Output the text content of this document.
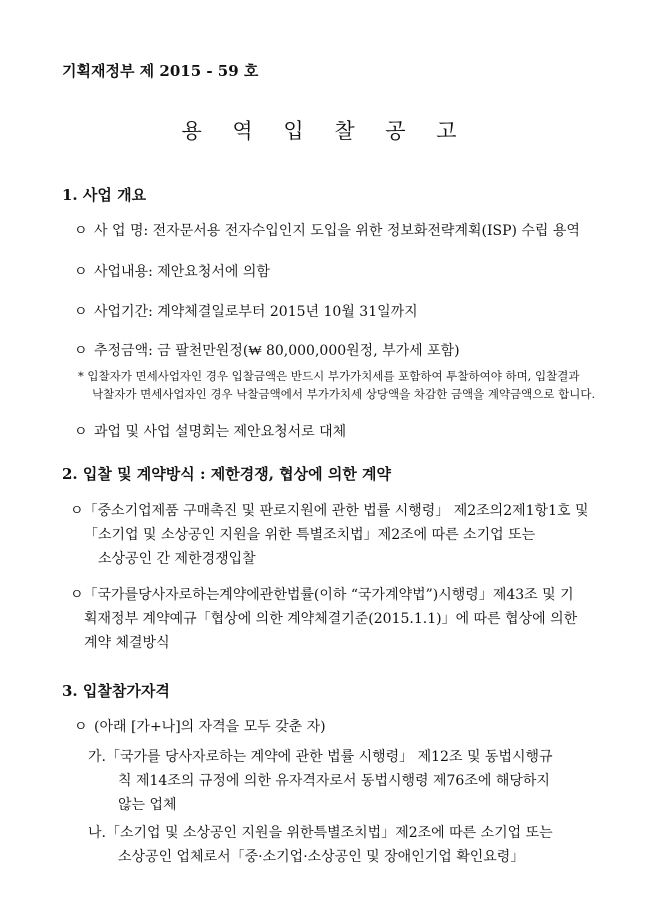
기획재정부 제 2015 - 59 호
용 역 입 찰 공 고
1. 사업 개요
ㅇ 사 업 명: 전자문서용 전자수입인지 도입을 위한 정보화전략계획(ISP) 수립 용역
ㅇ 사업내용: 제안요청서에 의함
ㅇ 사업기간: 계약체결일로부터 2015년 10월 31일까지
ㅇ 추정금액: 금 팔천만원정(₩ 80,000,000원정, 부가세 포함)
* 입찰자가 면세사업자인 경우 입찰금액은 반드시 부가가치세를 포함하여 투찰하여야 하며, 입찰결과
낙찰자가 면세사업자인 경우 낙찰금액에서 부가가치세 상당액을 차감한 금액을 계약금액으로 합니다.
ㅇ 과업 및 사업 설명회는 제안요청서로 대체
2. 입찰 및 계약방식 : 제한경쟁, 협상에 의한 계약
ㅇ「중소기업제품 구매촉진 및 판로지원에 관한 법률 시행령」 제2조의2제1항1호 및
「소기업 및 소상공인 지원을 위한 특별조치법」제2조에 따른 소기업 또는
소상공인 간 제한경쟁입찰
ㅇ「국가를당사자로하는계약에관한법률(이하 “국가계약법”)시행령」제43조 및 기
획재정부 계약예규「협상에 의한 계약체결기준(2015.1.1)」에 따른 협상에 의한
계약 체결방식
3. 입찰참가자격
ㅇ (아래 [가+나]의 자격을 모두 갖춘 자)
가.「국가를 당사자로하는 계약에 관한 법률 시행령」 제12조 및 동법시행규
칙 제14조의 규정에 의한 유자격자로서 동법시행령 제76조에 해당하지
않는 업체
나.「소기업 및 소상공인 지원을 위한특별조치법」제2조에 따른 소기업 또는
소상공인 업체로서「중·소기업·소상공인 및 장애인기업 확인요령」
